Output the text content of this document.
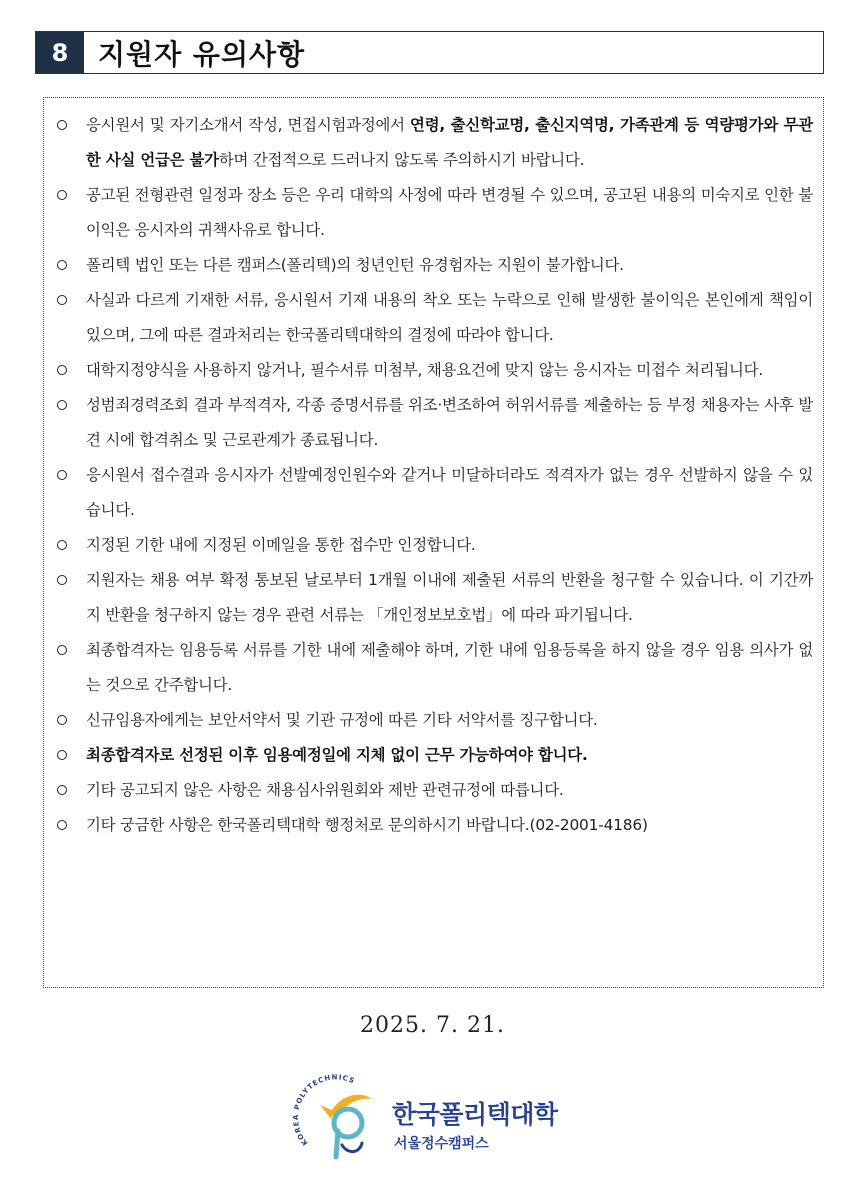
8	지원자 유의사항
응시원서 및 자기소개서 작성, 면접시험과정에서 연령, 출신학교명, 출신지역명, 가족관계 등 역량평가와 무관한 사실 언급은 불가하며 간접적으로 드러나지 않도록 주의하시기 바랍니다.
공고된 전형관련 일정과 장소 등은 우리 대학의 사정에 따라 변경될 수 있으며, 공고된 내용의 미숙지로 인한 불이익은 응시자의 귀책사유로 합니다.
폴리텍 법인 또는 다른 캠퍼스(폴리텍)의 청년인턴 유경험자는 지원이 불가합니다.
사실과 다르게 기재한 서류, 응시원서 기재 내용의 착오 또는 누락으로 인해 발생한 불이익은 본인에게 책임이 있으며, 그에 따른 결과처리는 한국폴리텍대학의 결정에 따라야 합니다.
대학지정양식을 사용하지 않거나, 필수서류 미첨부, 채용요건에 맞지 않는 응시자는 미접수 처리됩니다.
성범죄경력조회 결과 부적격자, 각종 증명서류를 위조·변조하여 허위서류를 제출하는 등 부정 채용자는 사후 발견 시에 합격취소 및 근로관계가 종료됩니다.
응시원서 접수결과 응시자가 선발예정인원수와 같거나 미달하더라도 적격자가 없는 경우 선발하지 않을 수 있습니다.
지정된 기한 내에 지정된 이메일을 통한 접수만 인정합니다.
지원자는 채용 여부 확정 통보된 날로부터 1개월 이내에 제출된 서류의 반환을 청구할 수 있습니다. 이 기간까지 반환을 청구하지 않는 경우 관련 서류는 「개인정보보호법」에 따라 파기됩니다.
최종합격자는 임용등록 서류를 기한 내에 제출해야 하며, 기한 내에 임용등록을 하지 않을 경우 임용 의사가 없는 것으로 간주합니다.
신규임용자에게는 보안서약서 및 기관 규정에 따른 기타 서약서를 징구합니다.
최종합격자로 선정된 이후 임용예정일에 지체 없이 근무 가능하여야 합니다.
기타 공고되지 않은 사항은 채용심사위원회와 제반 관련규정에 따릅니다.
기타 궁금한 사항은 한국폴리텍대학 행정처로 문의하시기 바랍니다.(02-2001-4186)
2025. 7. 21.
KOREA POLYTECHNICS
한국폴리텍대학
서울정수캠퍼스
